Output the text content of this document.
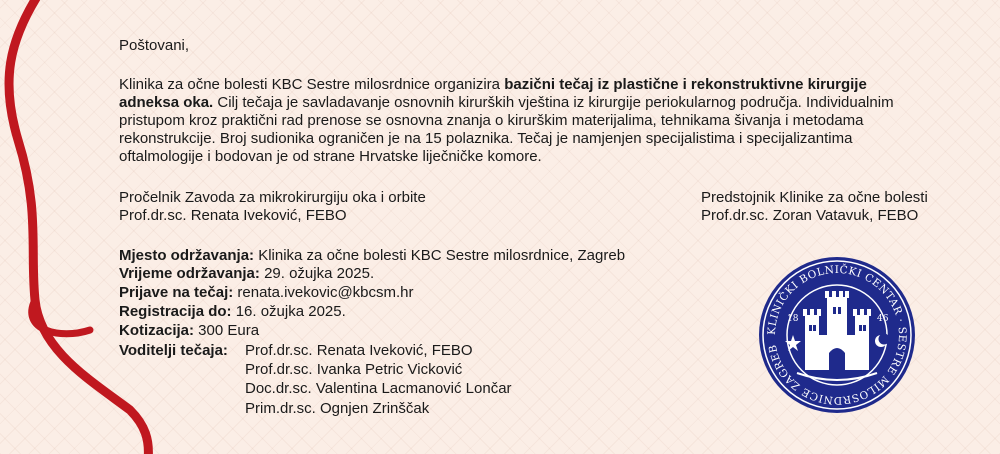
Poštovani,
Klinika za očne bolesti KBC Sestre milosrdnice organizira bazični tečaj iz plastične i rekonstruktivne kirurgije
adneksa oka. Cilj tečaja je savladavanje osnovnih kirurških vještina iz kirurgije periokularnog područja. Individualnim
pristupom kroz praktični rad prenose se osnovna znanja o kirurškim materijalima, tehnikama šivanja i metodama
rekonstrukcije. Broj sudionika ograničen je na 15 polaznika. Tečaj je namjenjen specijalistima i specijalizantima
oftalmologije i bodovan je od strane Hrvatske liječničke komore.
Pročelnik Zavoda za mikrokirurgiju oka i orbite
Prof.dr.sc. Renata Iveković, FEBO
Mjesto održavanja: Klinika za očne bolesti KBC Sestre milosrdnice, Zagreb
Vrijeme održavanja: 29. ožujka 2025.
Prijave na tečaj: renata.ivekovic@kbcsm.hr
Registracija do: 16. ožujka 2025.
Kotizacija: 300 Eura
Voditelji tečaja: Prof.dr.sc. Renata Iveković, FEBO
Prof.dr.sc. Ivanka Petric Vicković
Doc.dr.sc. Valentina Lacmanović Lončar
Prim.dr.sc. Ognjen Zrinščak
Predstojnik Klinike za očne bolesti
Prof.dr.sc. Zoran Vatavuk, FEBO
KLINIČKI BOLNIČKI CENTAR · SESTRE MILOSRDNICE ZAGREB
18	46
